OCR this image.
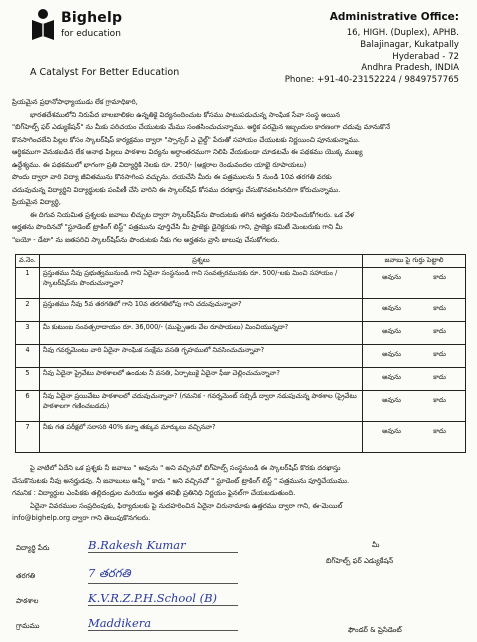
Bighelp
for education
A Catalyst For Better Education
Administrative Office:
16, HIGH. (Duplex), APHB.
Balajinagar, Kukatpally
Hyderabad - 72
Andhra Pradesh, INDIA
Phone: +91-40-23152224 / 9849757765
ప్రియమైన ప్రధానోపాధ్యాయుడు లేక గ్రామాధికారి,
భారతదేశములోని నిరుపేద బాలబాలికల ఉన్నతికై విద్యనందించుట కోసము పాటుపడుచున్న సాంఘిక సేవా సంస్థ అయిన
"బిగ్‌హెల్ప్ ఫర్ ఎడ్యుకేషన్" ను మీకు పరిచయం చేయుటకు మేము సంతసించుచున్నాము. ఆర్థిక పరమైన ఇబ్బందుల కారణంగా చదువు మానుకొనే
కొనసాగించలేని పిల్లల కోసం స్కాలర్‌షిప్ కార్యక్రమం ద్వారా "స్పాన్సర్ ఎ చైల్డ్" పేరుతో సహాయం చేయుటకు నిర్ణయించి పూనుకున్నాము.
ఆర్థికముగా వెనుకబడిన లేక అనాథ పిల్లలు పాఠశాల విద్యను అర్ధాంతరముగా నిలిపి వేయకుండా చూడటమే ఈ పథకము యొక్క ముఖ్య
ఉద్దేశ్యము. ఈ పథకములో భాగంగా ప్రతి విద్యార్థికి నెలకు రూ. 250/- (అక్షరాల రెండువందల యాభై రూపాయలు)
పొందు ద్వారా వారి విద్యా జీవితమును కొనసాగింప వచ్చును. దయచేసి మీరు ఈ పత్రములను 5 నుండి 10వ తరగతి వరకు
చదువుచున్న విద్యార్థిని విద్యార్థులకు పంపిణీ చేసి వారిని ఈ స్కాలర్‌షిప్ కోసము దరఖాస్తు చేసుకొనవలసినదిగా కోరుచున్నాము.
ప్రియమైన విద్యార్థి,
ఈ దిగువ నియమిత ప్రశ్నలకు జవాబు లిచ్చుట ద్వారా స్కాలర్‌షిప్‌ను పొందుటకు తగిన అర్హతను నిరూపించుకోగలరు. ఒక వేళ
అర్హతను పొందినచో "స్టూడెంట్ ట్రాకింగ్ లిస్ట్" పత్రమును పూర్తిచేసి మీ ప్రాజెక్టు డైరెక్టరుకు గాని, ప్రాజెక్టు కమిటీ మెంబరుకు గాని మీ
"బయో - డేటా" ను జతపరిచి స్కాలర్‌షిప్‌ను పొందుటకు నీకు గల అర్హతను వ్రాసి జులుపు చేసుకోగలరు.
వ.నెం.	ప్రశ్నలు	జవాబు పై గుర్తు పెట్టాలి
1	ప్రస్తుతము నీవు ప్రభుత్వమునుండి గాని ఏదైనా సంస్థనుండి గాని సంవత్సరమునకు రూ. 500/-లకు మించి సహాయం / స్కాలర్‌షిప్‌ను పొందుచున్నావా?	అవును కాదు

2	ప్రస్తుతము నీవు 5వ తరగతిలో గాని 10వ తరగతిలోపు గాని చదువుచున్నావా?	అవును కాదు

3	మీ కుటుంబ సంవత్సరాదాయం రూ. 36,000/- (ముప్పైఆరు వేల రూపాయలు) మించియున్నదా?	అవును కాదు

4	నీవు గవర్నమెంటు వారి ఏదైనా సాంఘిక సంక్షేమ వసతి గృహములో నివసించుచున్నావా?	అవును కాదు

5	నీవు ఏదైనా ప్రైవేటు పాఠశాలలో ఉండుట నీ వసతి, ఏర్పాటుకై ఏదైనా ఫీజు చెల్లించుచున్నావా?	అవును కాదు

6	నీవు ఏదైనా ప్రయివేటు పాఠశాలలో చదువుచున్నావా? (గమనిక - గవర్నమెంట్ సబ్సిడీ ద్వారా నడుపుచున్న పాఠశాల (ప్రైవేటు పాఠశాలగా గణించబడదు)	అవును కాదు

7	నీకు గత పరీక్షలో సరాసరి 40% కన్నా తక్కువ మార్కులు వచ్చినవా?	అవును కాదు
పై వాటిలో ఏదేని ఒక ప్రశ్నకు నీ జవాబు " అవును " అని వచ్చినచో బిగ్‌హెల్ప్ సంస్థనుండి ఈ స్కాలర్‌షిప్ కొరకు దరఖాస్తు
చేసుకొనుటకు నీవు అనర్హుడవు. నీ జవాబులు అన్నీ " కాదు " అని వచ్చినచో " స్టూడెంట్ ట్రాకింగ్ లిస్ట్ " పత్రమును పూర్తిచేయుము.
గమనిక : విద్యార్థుల ఎంపికకు తల్లిదండ్రుల మరియు అర్హత తనిఖీ ప్రతినిధి నిర్ణయం ఫైనల్‌గా చేయబడుతుంది.
ఏదైనా వివరముల సంప్రదింపుకు, ఫిర్యాదులకు పై నుదహరించిన ఏదైనా చిరునామాకు ఉత్తరము ద్వారా గాని, ఈ-మెయిల్
info@bighelp.org ద్వారా గాని తెలుపుకొనగలరు.
విద్యార్థి పేరు	B.Rakesh Kumar
తరగతి	7 తరగతి
పాఠశాల	K.V.R.Z.P.H.School (B)
గ్రామము	Maddikera
మీ
బిగ్‌హెల్ప్ ఫర్ ఎడ్యుకేషన్
ఫౌండర్ & ప్రెసిడెంట్
